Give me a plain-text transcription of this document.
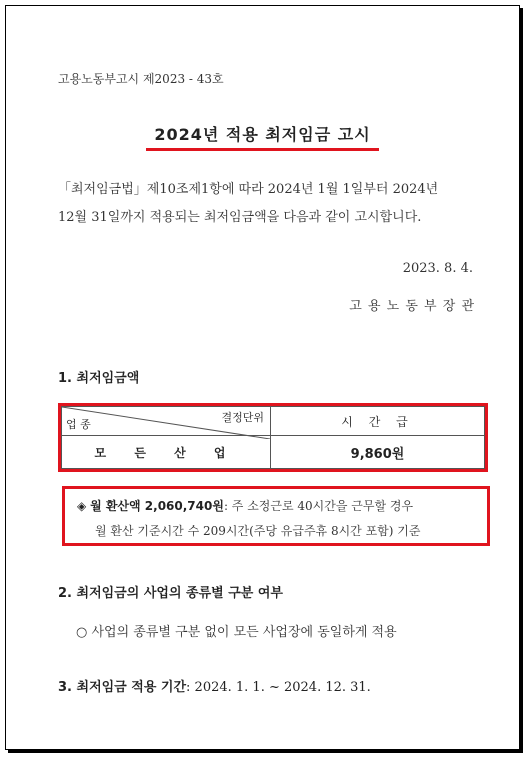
고용노동부고시 제2023 - 43호
2024년 적용 최저임금 고시

「최저임금법」제10조제1항에 따라 2024년 1월 1일부터 2024년

12월 31일까지 적용되는 최저임금액을 다음과 같이 고시합니다.

2023. 8. 4.
고 용 노 동 부 장 관
1. 최저임금액
결정단위
업 종	시 간 급
모 든 산 업	9,860원
◈ 월 환산액 2,060,740원: 주 소정근로 40시간을 근무할 경우
월 환산 기준시간 수 209시간(주당 유급주휴 8시간 포함) 기준
2. 최저임금의 사업의 종류별 구분 여부
○ 사업의 종류별 구분 없이 모든 사업장에 동일하게 적용
3. 최저임금 적용 기간: 2024. 1. 1. ~ 2024. 12. 31.
